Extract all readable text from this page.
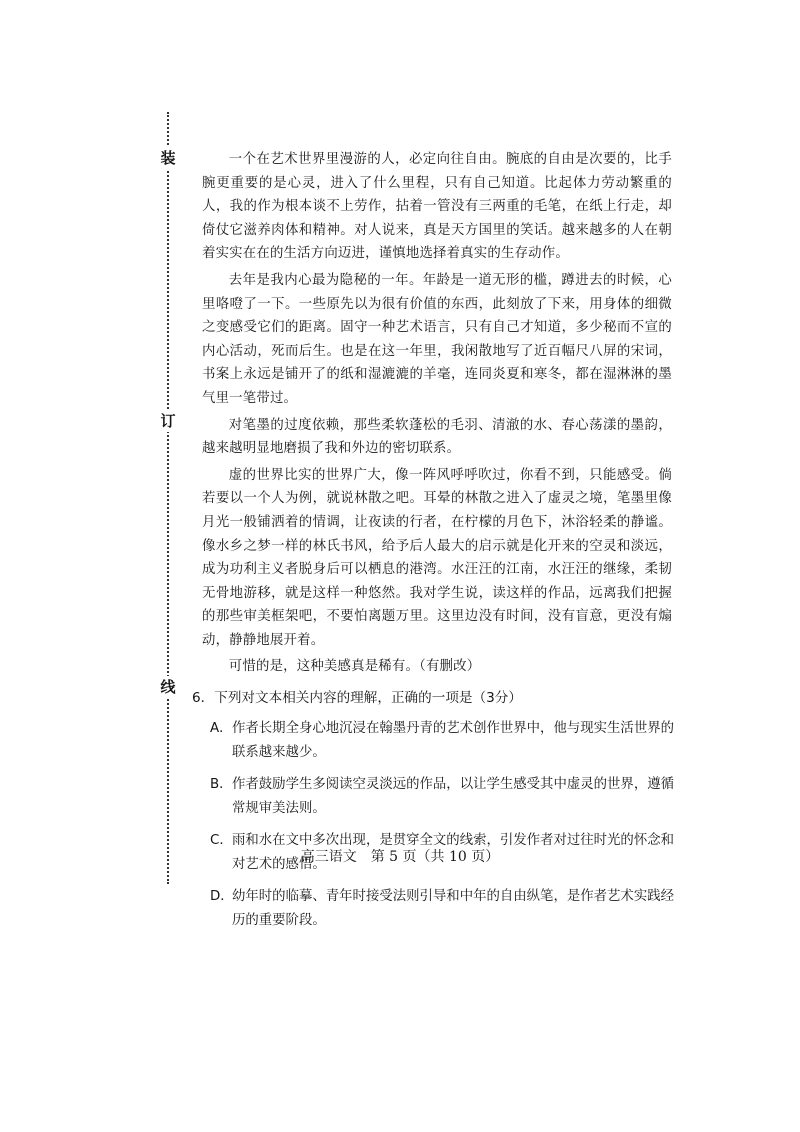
装
订
线

一个在艺术世界里漫游的人，必定向往自由。腕底的自由是次要的，比手腕更重要的是心灵，进入了什么里程，只有自己知道。比起体力劳动繁重的人，我的作为根本谈不上劳作，拈着一管没有三两重的毛笔，在纸上行走，却倚仗它滋养肉体和精神。对人说来，真是天方国里的笑话。越来越多的人在朝着实实在在的生活方向迈进，谨慎地选择着真实的生存动作。

去年是我内心最为隐秘的一年。年龄是一道无形的槛，蹲进去的时候，心里咯噔了一下。一些原先以为很有价值的东西，此刻放了下来，用身体的细微之变感受它们的距离。固守一种艺术语言，只有自己才知道，多少秘而不宣的内心活动，死而后生。也是在这一年里，我闲散地写了近百幅尺八屏的宋词，书案上永远是铺开了的纸和湿漉漉的羊毫，连同炎夏和寒冬，都在湿淋淋的墨气里一笔带过。

对笔墨的过度依赖，那些柔软蓬松的毛羽、清澈的水、春心荡漾的墨韵，越来越明显地磨损了我和外边的密切联系。

虚的世界比实的世界广大，像一阵风呼呼吹过，你看不到，只能感受。倘若要以一个人为例，就说林散之吧。耳晕的林散之进入了虚灵之境，笔墨里像月光一般铺洒着的情调，让夜读的行者，在柠檬的月色下，沐浴轻柔的静谧。像水乡之梦一样的林氏书风，给予后人最大的启示就是化开来的空灵和淡远，成为功利主义者脱身后可以栖息的港湾。水汪汪的江南，水汪汪的继缘，柔韧无骨地游移，就是这样一种悠然。我对学生说，读这样的作品，远离我们把握的那些审美框架吧，不要怕离题万里。这里边没有时间，没有盲意，更没有煽动，静静地展开着。

可惜的是，这种美感真是稀有。（有删改）

6．下列对文本相关内容的理解，正确的一项是（3分）
A． 作者长期全身心地沉浸在翰墨丹青的艺术创作世界中，他与现实生活世界的联系越来越少。
B． 作者鼓励学生多阅读空灵淡远的作品，以让学生感受其中虚灵的世界，遵循常规审美法则。
C． 雨和水在文中多次出现，是贯穿全文的线索，引发作者对过往时光的怀念和对艺术的感悟。
D．
幼年时的临摹、青年时接受法则引导和中年的自由纵笔，是作者艺术实践经历的重要阶段。
高三语文　第 5 页（共 10 页）
